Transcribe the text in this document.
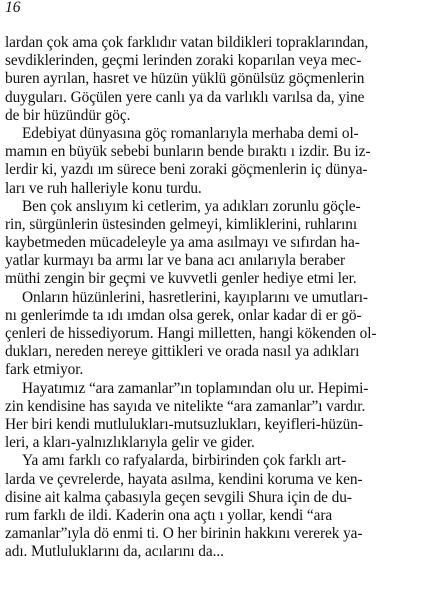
16
lardan çok ama çok farklıdır vatan bildikleri topraklarından,
sevdiklerinden, geçmi lerinden zoraki koparılan veya mec-
buren ayrılan, hasret ve hüzün yüklü gönülsüz göçmenlerin
duyguları. Göçülen yere canlı ya da varlıklı varılsa da, yine
de bir hüzündür göç.
Edebiyat dünyasına göç romanlarıyla merhaba demi ol-
mamın en büyük sebebi bunların bende bıraktı ı izdir. Bu iz-
lerdir ki, yazdı ım sürece beni zoraki göçmenlerin iç dünya-
ları ve ruh halleriyle konu turdu.
Ben çok anslıyım ki cetlerim, ya adıkları zorunlu göçle-
rin, sürgünlerin üstesinden gelmeyi, kimliklerini, ruhlarını
kaybetmeden mücadeleyle ya ama asılmayı ve sıfırdan ha-
yatlar kurmayı ba armı lar ve bana acı anılarıyla beraber
müthi zengin bir geçmi ve kuvvetli genler hediye etmi ler.
Onların hüzünlerini, hasretlerini, kayıplarını ve umutları-
nı genlerimde ta ıdı ımdan olsa gerek, onlar kadar di er gö-
çenleri de hissediyorum. Hangi milletten, hangi kökenden ol-
dukları, nereden nereye gittikleri ve orada nasıl ya adıkları
fark etmiyor.
Hayatımız “ara zamanlar”ın toplamından olu ur. Hepimi-
zin kendisine has sayıda ve nitelikte “ara zamanlar”ı vardır.
Her biri kendi mutlulukları-mutsuzlukları, keyifleri-hüzün-
leri, a kları-yalnızlıklarıyla gelir ve gider.
Ya amı farklı co rafyalarda, birbirinden çok farklı art-
larda ve çevrelerde, hayata asılma, kendini koruma ve ken-
disine ait kalma çabasıyla geçen sevgili Shura için de du-
rum farklı de ildi. Kaderin ona açtı ı yollar, kendi “ara
zamanlar”ıyla dö enmi ti. O her birinin hakkını vererek ya-
adı. Mutluluklarını da, acılarını da...
